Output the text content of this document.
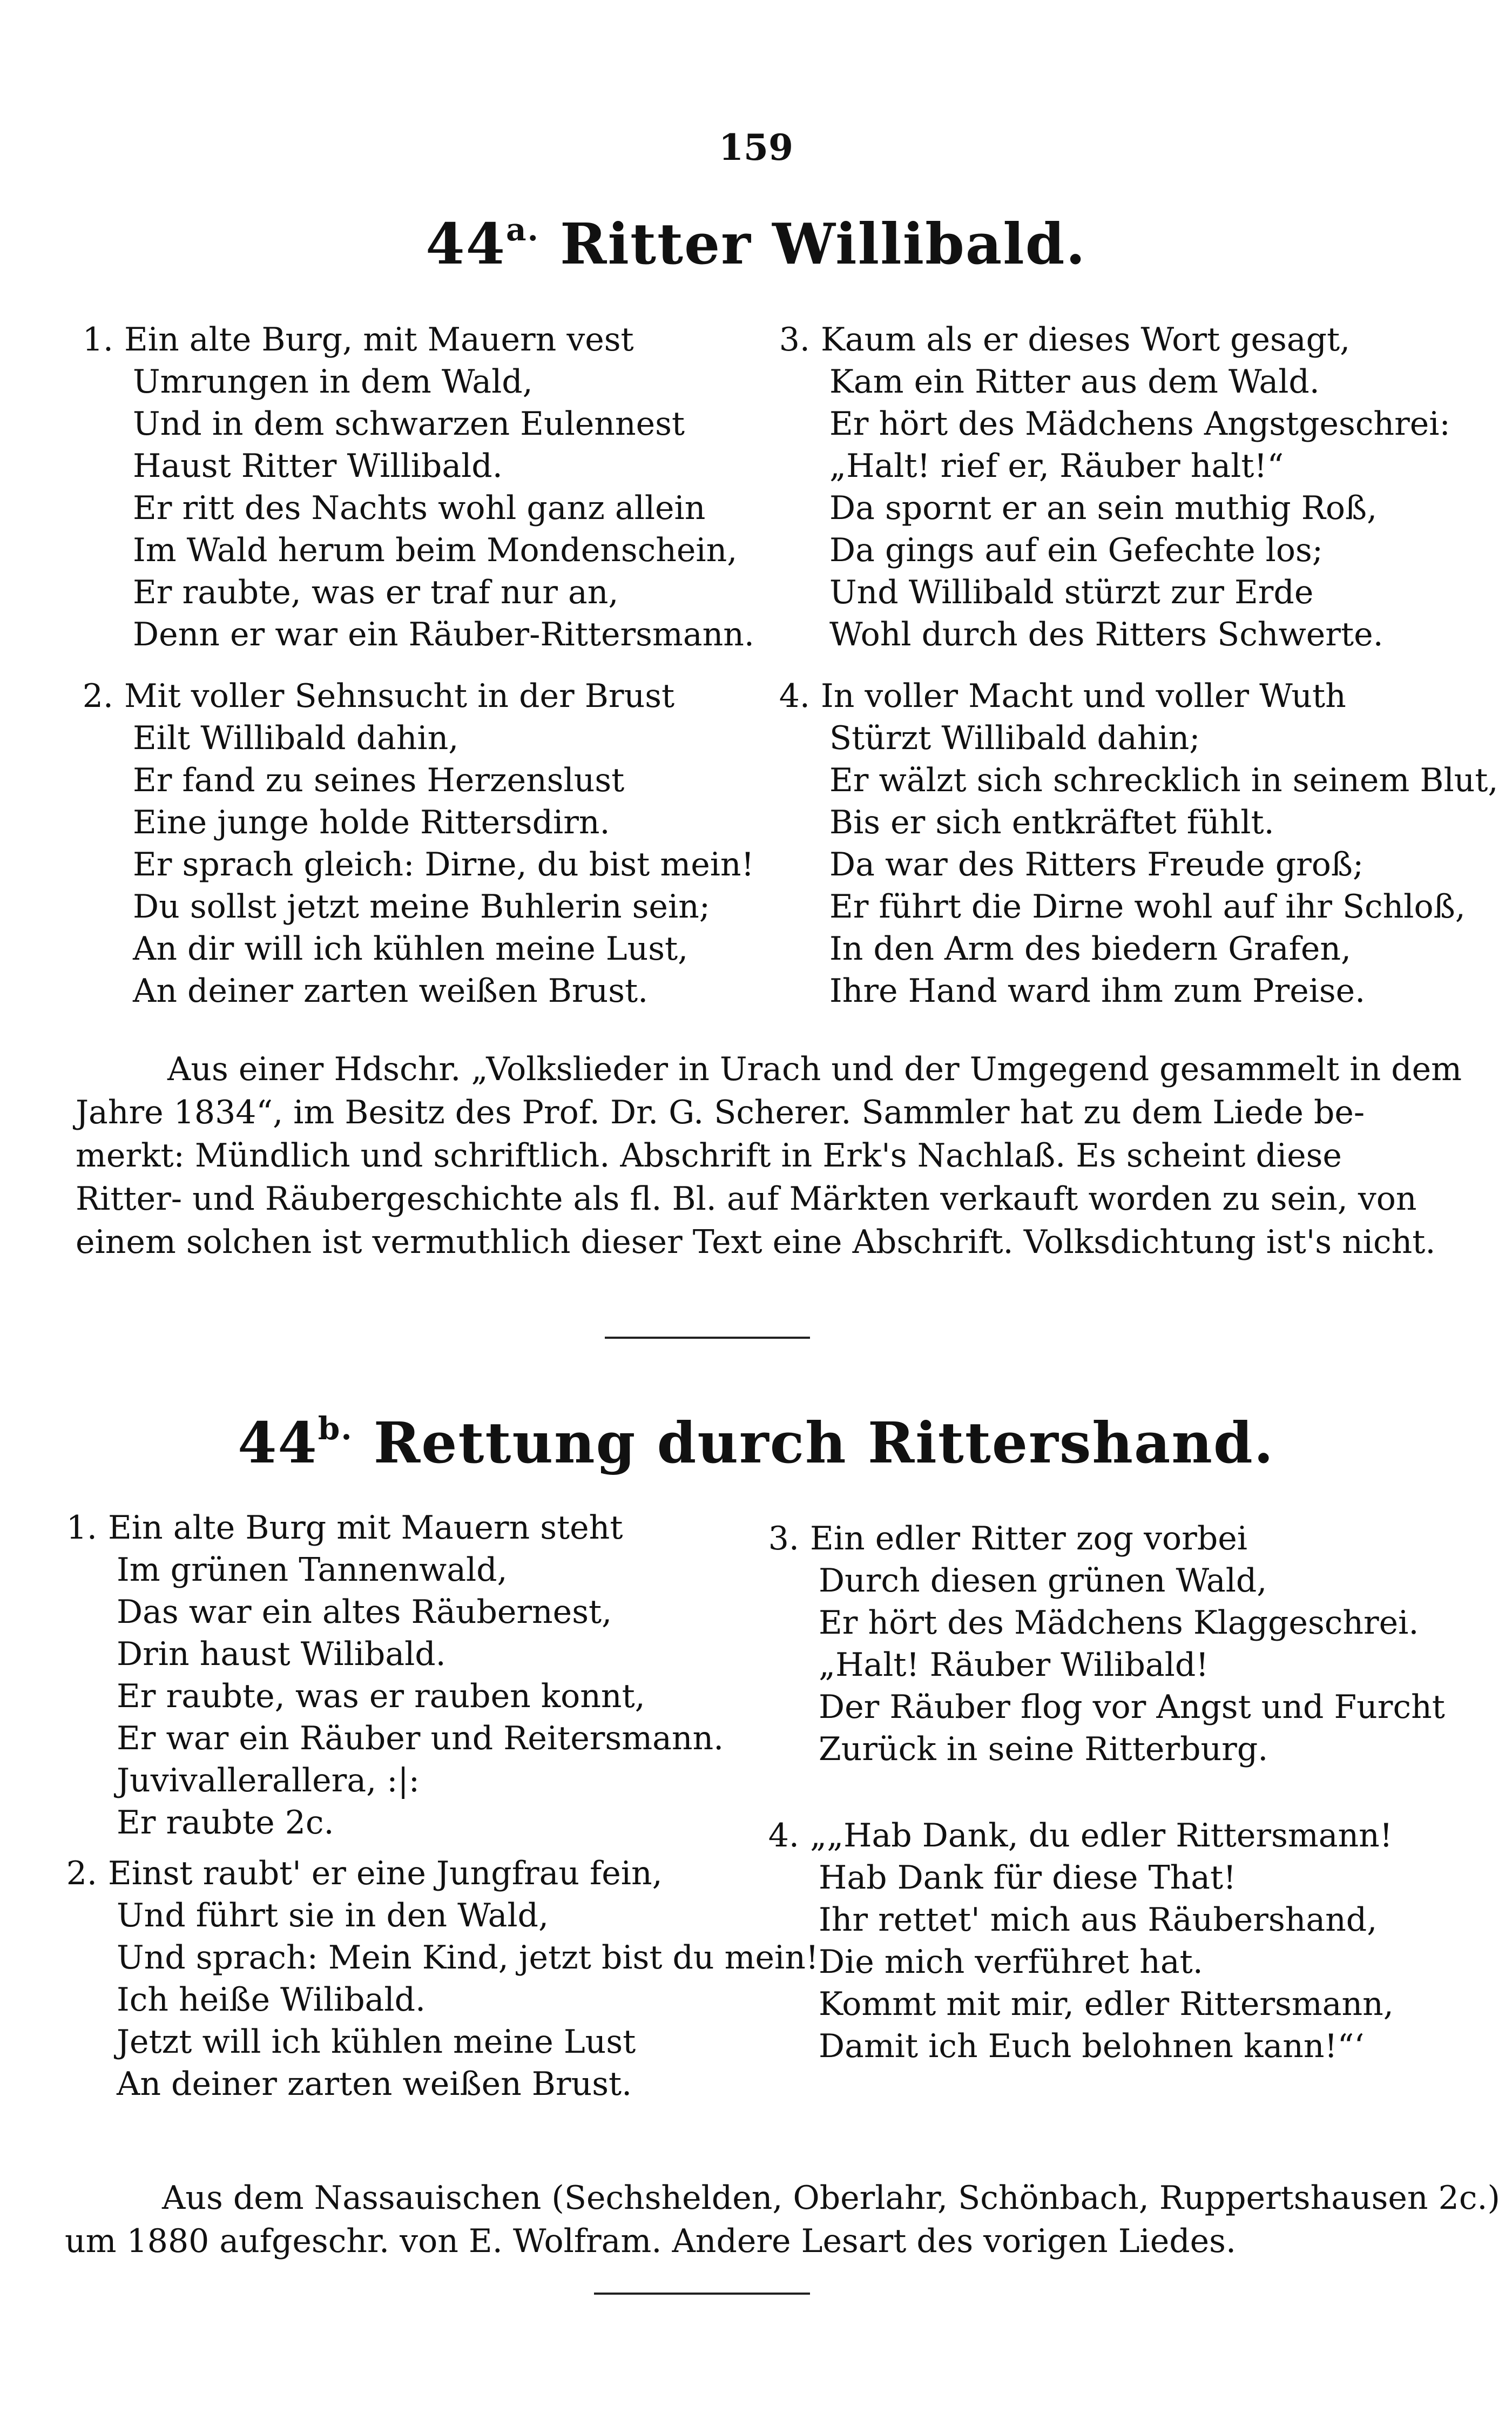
159
$44^{a.}$ Ritter Willibald.
1. Ein alte Burg, mit Mauern vest
Umrungen in dem Wald,
Und in dem schwarzen Eulennest
Haust Ritter Willibald.
Er ritt des Nachts wohl ganz allein
Im Wald herum beim Mondenschein,
Er raubte, was er traf nur an,
Denn er war ein Räuber-Rittersmann.
2. Mit voller Sehnsucht in der Brust
Eilt Willibald dahin,
Er fand zu seines Herzenslust
Eine junge holde Rittersdirn.
Er sprach gleich: Dirne, du bist mein!
Du sollst jetzt meine Buhlerin sein;
An dir will ich kühlen meine Lust,
An deiner zarten weißen Brust.
3. Kaum als er dieses Wort gesagt,
Kam ein Ritter aus dem Wald.
Er hört des Mädchens Angstgeschrei:
„Halt! rief er, Räuber halt!“
Da spornt er an sein muthig Roß,
Da gings auf ein Gefechte los;
Und Willibald stürzt zur Erde
Wohl durch des Ritters Schwerte.
4. In voller Macht und voller Wuth
Stürzt Willibald dahin;
Er wälzt sich schrecklich in seinem Blut,
Bis er sich entkräftet fühlt.
Da war des Ritters Freude groß;
Er führt die Dirne wohl auf ihr Schloß,
In den Arm des biedern Grafen,
Ihre Hand ward ihm zum Preise.
Aus einer Hdschr. „Volkslieder in Urach und der Umgegend gesammelt in dem
Jahre 1834“, im Besitz des Prof. Dr. G. Scherer. Sammler hat zu dem Liede be-
merkt: Mündlich und schriftlich. Abschrift in Erk's Nachlaß. Es scheint diese
Ritter- und Räubergeschichte als fl. Bl. auf Märkten verkauft worden zu sein, von
einem solchen ist vermuthlich dieser Text eine Abschrift. Volksdichtung ist's nicht.
$44^{b.}$ Rettung durch Rittershand.
1. Ein alte Burg mit Mauern steht
Im grünen Tannenwald,
Das war ein altes Räubernest,
Drin haust Wilibald.
Er raubte, was er rauben konnt,
Er war ein Räuber und Reitersmann.
Juvivallerallera, :|:
Er raubte 2c.
2. Einst raubt' er eine Jungfrau fein,
Und führt sie in den Wald,
Und sprach: Mein Kind, jetzt bist du mein!
Ich heiße Wilibald.
Jetzt will ich kühlen meine Lust
An deiner zarten weißen Brust.
3. Ein edler Ritter zog vorbei
Durch diesen grünen Wald,
Er hört des Mädchens Klaggeschrei.
„Halt! Räuber Wilibald!
Der Räuber flog vor Angst und Furcht
Zurück in seine Ritterburg.
4. „„Hab Dank, du edler Rittersmann!
Hab Dank für diese That!
Ihr rettet' mich aus Räubershand,
Die mich verführet hat.
Kommt mit mir, edler Rittersmann,
Damit ich Euch belohnen kann!“‘
Aus dem Nassauischen (Sechshelden, Oberlahr, Schönbach, Ruppertshausen 2c.)
um 1880 aufgeschr. von E. Wolfram. Andere Lesart des vorigen Liedes.
